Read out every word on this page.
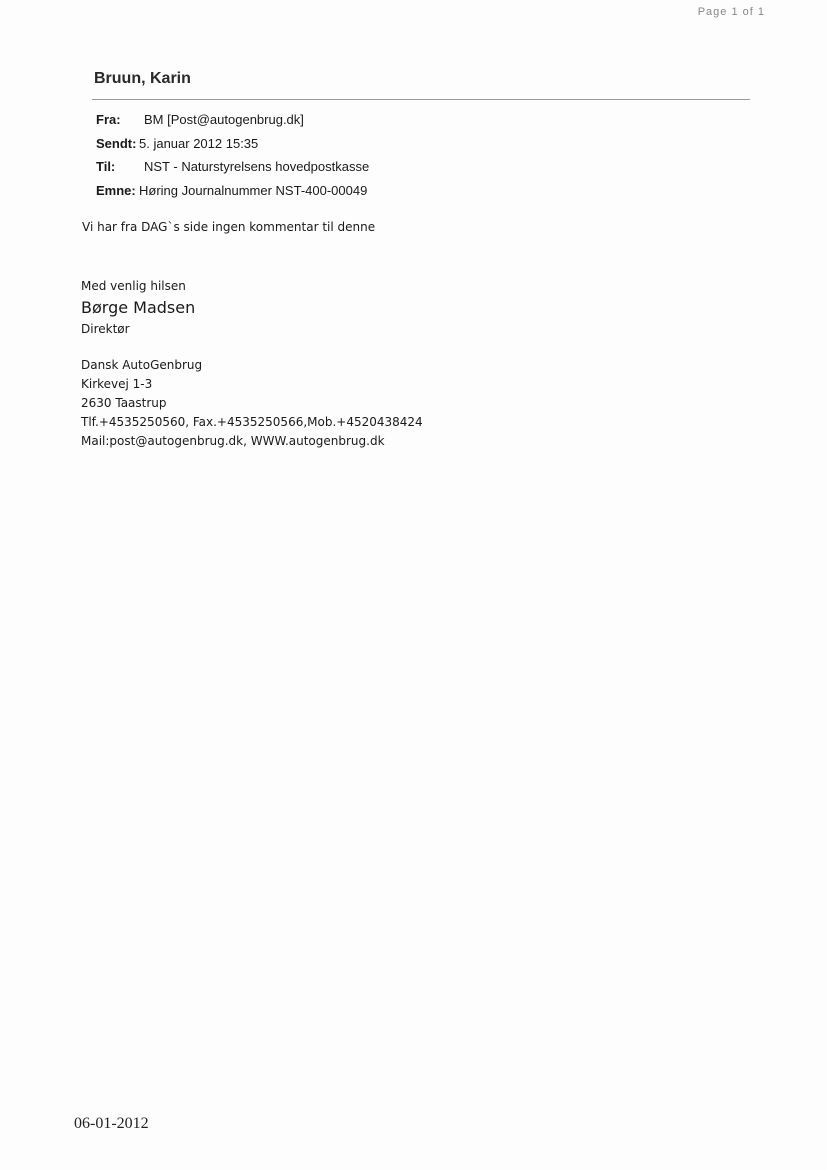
Page 1 of 1
Bruun, Karin
Fra:	BM [Post@autogenbrug.dk]
Sendt: 5. januar 2012 15:35
Til:	NST - Naturstyrelsens hovedpostkasse
Emne: Høring Journalnummer NST-400-00049
Vi har fra DAG`s side ingen kommentar til denne
Med venlig hilsen
Børge Madsen
Direktør
Dansk AutoGenbrug
Kirkevej 1-3
2630 Taastrup
Tlf.+4535250560, Fax.+4535250566,Mob.+4520438424
Mail:post@autogenbrug.dk, WWW.autogenbrug.dk
06-01-2012
